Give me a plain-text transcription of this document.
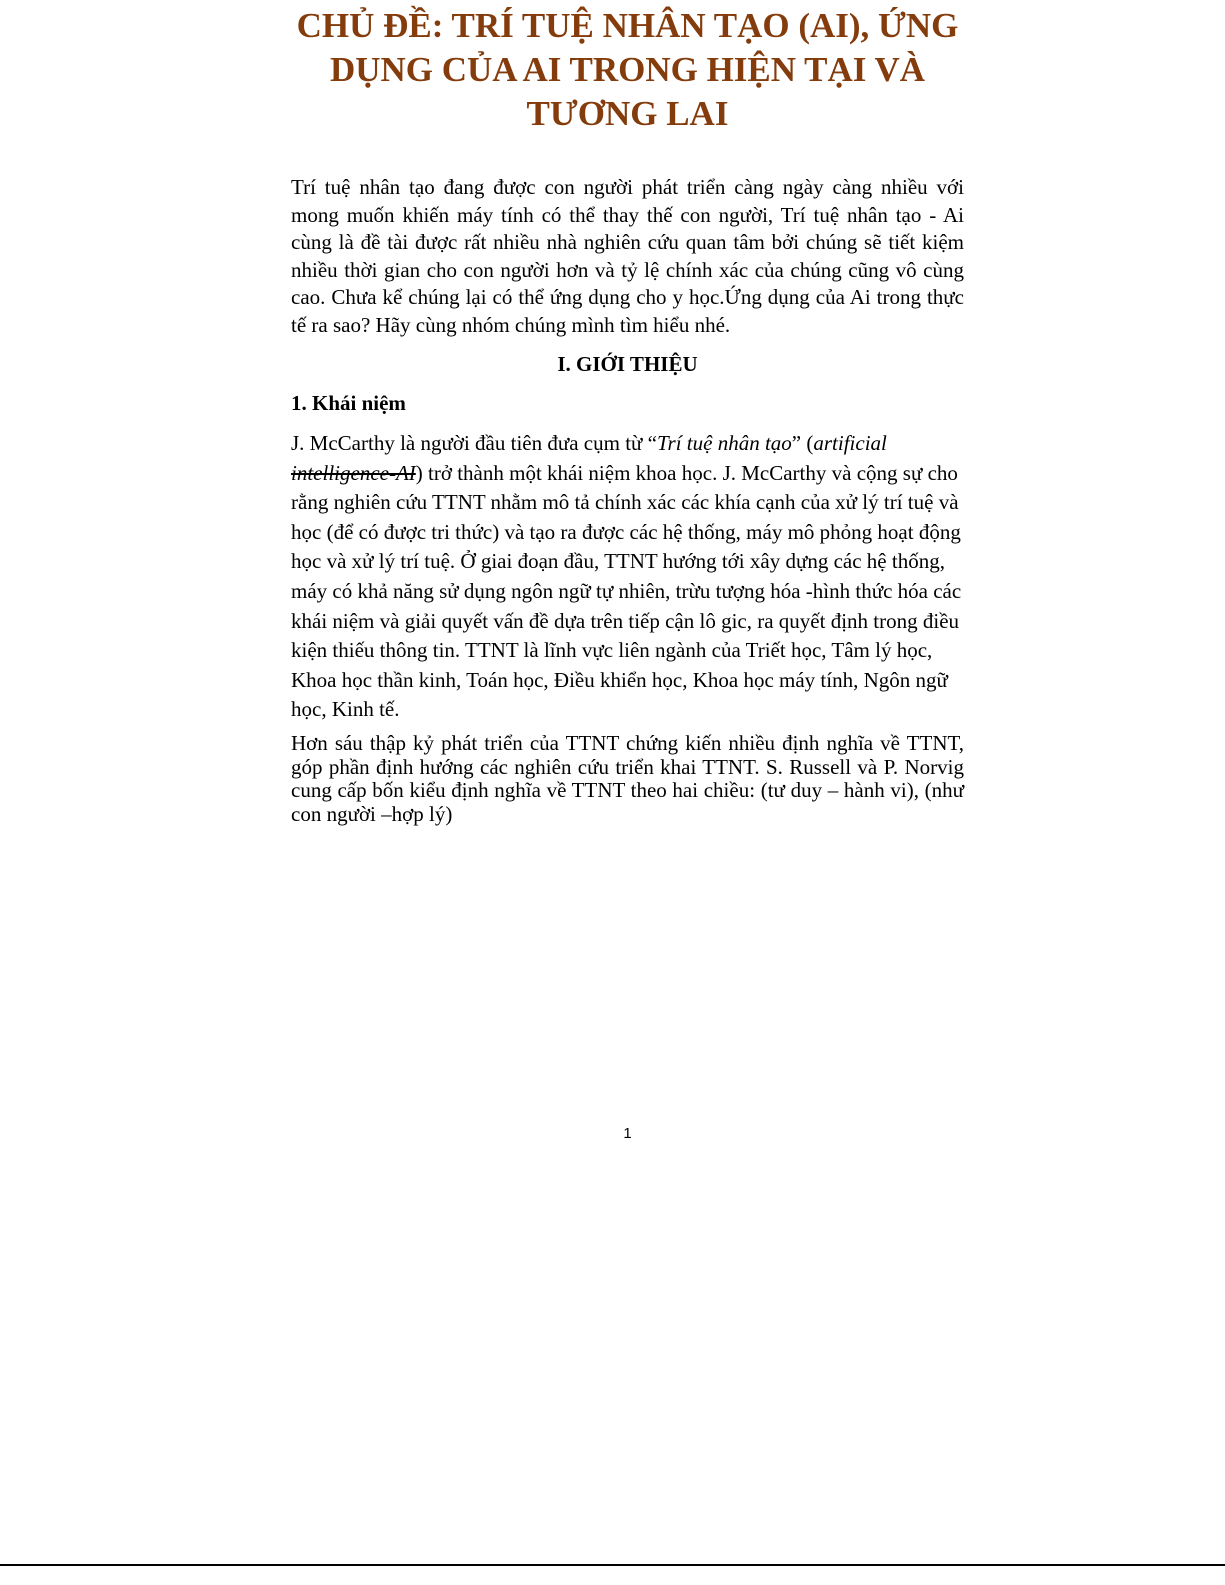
CHỦ ĐỀ: TRÍ TUỆ NHÂN TẠO (AI), ỨNG
DỤNG CỦA AI TRONG HIỆN TẠI VÀ
TƯƠNG LAI

Trí tuệ nhân tạo đang được con người phát triển càng ngày càng nhiều với mong muốn khiến máy tính có thể thay thế con người, Trí tuệ nhân tạo - Ai cùng là đề tài được rất nhiều nhà nghiên cứu quan tâm bởi chúng sẽ tiết kiệm nhiều thời gian cho con người hơn và tỷ lệ chính xác của chúng cũng vô cùng cao. Chưa kể chúng lại có thể ứng dụng cho y học.Ứng dụng của Ai trong thực tế ra sao? Hãy cùng nhóm chúng mình tìm hiểu nhé.

I. GIỚI THIỆU
1. Khái niệm

J. McCarthy là người đầu tiên đưa cụm từ “Trí tuệ nhân tạo” (artificial
intelligence-AI) trở thành một khái niệm khoa học. J. McCarthy và cộng sự cho
rằng nghiên cứu TTNT nhằm mô tả chính xác các khía cạnh của xử lý trí tuệ và
học (để có được tri thức) và tạo ra được các hệ thống, máy mô phỏng hoạt động
học và xử lý trí tuệ. Ở giai đoạn đầu, TTNT hướng tới xây dựng các hệ thống,
máy có khả năng sử dụng ngôn ngữ tự nhiên, trừu tượng hóa -hình thức hóa các
khái niệm và giải quyết vấn đề dựa trên tiếp cận lô gic, ra quyết định trong điều
kiện thiếu thông tin. TTNT là lĩnh vực liên ngành của Triết học, Tâm lý học,
Khoa học thần kinh, Toán học, Điều khiển học, Khoa học máy tính, Ngôn ngữ
học, Kinh tế.

Hơn sáu thập kỷ phát triển của TTNT chứng kiến nhiều định nghĩa về TTNT, góp phần định hướng các nghiên cứu triển khai TTNT. S. Russell và P. Norvig cung cấp bốn kiểu định nghĩa về TTNT theo hai chiều: (tư duy – hành vi), (như con người –hợp lý)

1
